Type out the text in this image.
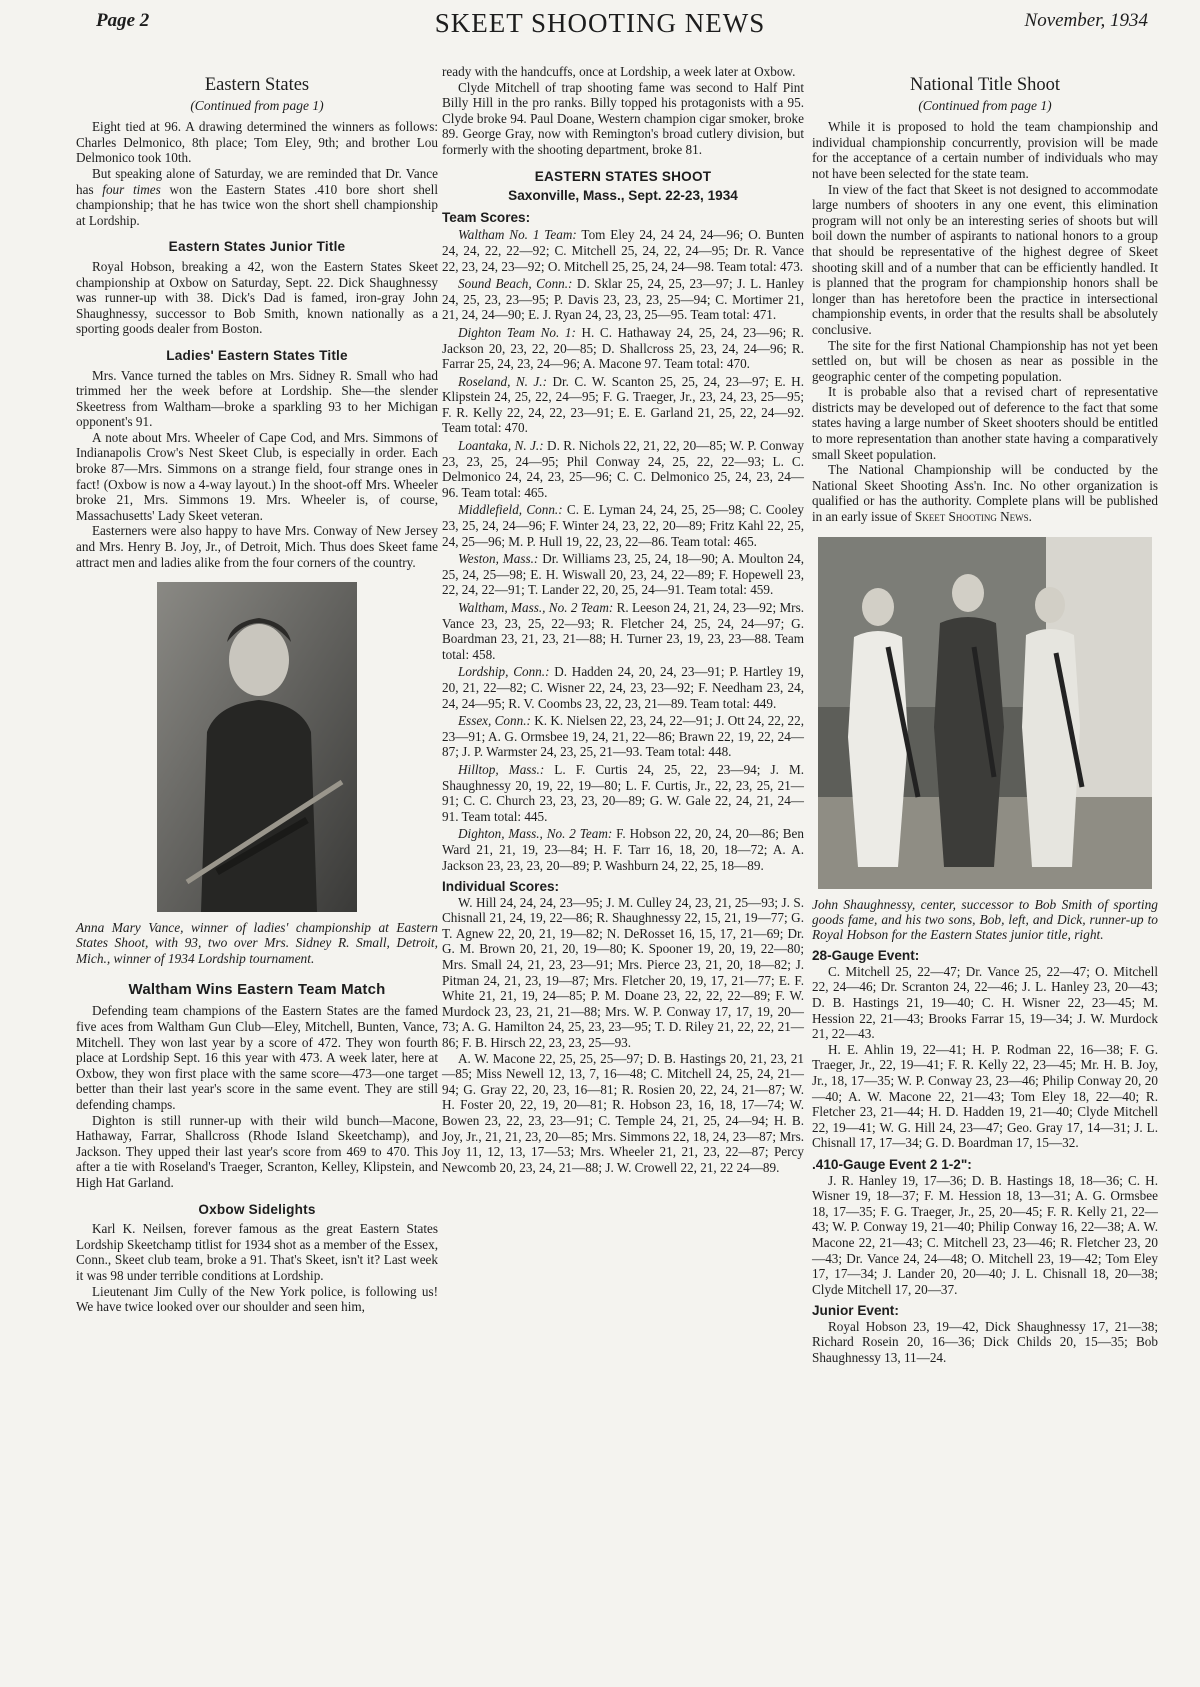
Page 2	SKEET SHOOTING NEWS	November, 1934
Eastern States
(Continued from page 1)

Eight tied at 96. A drawing determined the winners as follows: Charles Delmonico, 8th place; Tom Eley, 9th; and brother Lou Delmonico took 10th.

But speaking alone of Saturday, we are reminded that Dr. Vance has four times won the Eastern States .410 bore short shell championship; that he has twice won the short shell championship at Lordship.

Eastern States Junior Title

Royal Hobson, breaking a 42, won the Eastern States Skeet championship at Oxbow on Saturday, Sept. 22. Dick Shaughnessy was runner-up with 38. Dick's Dad is famed, iron-gray John Shaughnessy, successor to Bob Smith, known nationally as a sporting goods dealer from Boston.

Ladies' Eastern States Title

Mrs. Vance turned the tables on Mrs. Sidney R. Small who had trimmed her the week before at Lordship. She—the slender Skeetress from Waltham—broke a sparkling 93 to her Michigan opponent's 91.

A note about Mrs. Wheeler of Cape Cod, and Mrs. Simmons of Indianapolis Crow's Nest Skeet Club, is especially in order. Each broke 87—Mrs. Simmons on a strange field, four strange ones in fact! (Oxbow is now a 4-way layout.) In the shoot-off Mrs. Wheeler broke 21, Mrs. Simmons 19. Mrs. Wheeler is, of course, Massachusetts' Lady Skeet veteran.

Easterners were also happy to have Mrs. Conway of New Jersey and Mrs. Henry B. Joy, Jr., of Detroit, Mich. Thus does Skeet fame attract men and ladies alike from the four corners of the country.

Anna Mary Vance, winner of ladies' championship at Eastern States Shoot, with 93, two over Mrs. Sidney R. Small, Detroit, Mich., winner of 1934 Lordship tournament.

Waltham Wins Eastern Team Match

Defending team champions of the Eastern States are the famed five aces from Waltham Gun Club—Eley, Mitchell, Bunten, Vance, Mitchell. They won last year by a score of 472. They won fourth place at Lordship Sept. 16 this year with 473. A week later, here at Oxbow, they won first place with the same score—473—one target better than their last year's score in the same event. They are still defending champs.

Dighton is still runner-up with their wild bunch—Macone, Hathaway, Farrar, Shallcross (Rhode Island Skeetchamp), and Jackson. They upped their last year's score from 469 to 470. This after a tie with Roseland's Traeger, Scranton, Kelley, Klipstein, and High Hat Garland.

Oxbow Sidelights

Karl K. Neilsen, forever famous as the great Eastern States Lordship Skeetchamp titlist for 1934 shot as a member of the Essex, Conn., Skeet club team, broke a 91. That's Skeet, isn't it? Last week it was 98 under terrible conditions at Lordship.

Lieutenant Jim Cully of the New York police, is following us! We have twice looked over our shoulder and seen him,

ready with the handcuffs, once at Lordship, a week later at Oxbow.

Clyde Mitchell of trap shooting fame was second to Half Pint Billy Hill in the pro ranks. Billy topped his protagonists with a 95. Clyde broke 94. Paul Doane, Western champion cigar smoker, broke 89. George Gray, now with Remington's broad cutlery division, but formerly with the shooting department, broke 81.

EASTERN STATES SHOOT
Saxonville, Mass., Sept. 22-23, 1934
Team Scores:

Waltham No. 1 Team: Tom Eley 24, 24 24, 24—96; O. Bunten 24, 24, 22, 22—92; C. Mitchell 25, 24, 22, 24—95; Dr. R. Vance 22, 23, 24, 23—92; O. Mitchell 25, 25, 24, 24—98. Team total: 473.

Sound Beach, Conn.: D. Sklar 25, 24, 25, 23—97; J. L. Hanley 24, 25, 23, 23—95; P. Davis 23, 23, 23, 25—94; C. Mortimer 21, 21, 24, 24—90; E. J. Ryan 24, 23, 23, 25—95. Team total: 471.

Dighton Team No. 1: H. C. Hathaway 24, 25, 24, 23—96; R. Jackson 20, 23, 22, 20—85; D. Shallcross 25, 23, 24, 24—96; R. Farrar 25, 24, 23, 24—96; A. Macone 97. Team total: 470.

Roseland, N. J.: Dr. C. W. Scanton 25, 25, 24, 23—97; E. H. Klipstein 24, 25, 22, 24—95; F. G. Traeger, Jr., 23, 24, 23, 25—95; F. R. Kelly 22, 24, 22, 23—91; E. E. Garland 21, 25, 22, 24—92. Team total: 470.

Loantaka, N. J.: D. R. Nichols 22, 21, 22, 20—85; W. P. Conway 23, 23, 25, 24—95; Phil Conway 24, 25, 22, 22—93; L. C. Delmonico 24, 24, 23, 25—96; C. C. Delmonico 25, 24, 23, 24—96. Team total: 465.

Middlefield, Conn.: C. E. Lyman 24, 24, 25, 25—98; C. Cooley 23, 25, 24, 24—96; F. Winter 24, 23, 22, 20—89; Fritz Kahl 22, 25, 24, 25—96; M. P. Hull 19, 22, 23, 22—86. Team total: 465.

Weston, Mass.: Dr. Williams 23, 25, 24, 18—90; A. Moulton 24, 25, 24, 25—98; E. H. Wiswall 20, 23, 24, 22—89; F. Hopewell 23, 22, 24, 22—91; T. Lander 22, 20, 25, 24—91. Team total: 459.

Waltham, Mass., No. 2 Team: R. Leeson 24, 21, 24, 23—92; Mrs. Vance 23, 23, 25, 22—93; R. Fletcher 24, 25, 24, 24—97; G. Boardman 23, 21, 23, 21—88; H. Turner 23, 19, 23, 23—88. Team total: 458.

Lordship, Conn.: D. Hadden 24, 20, 24, 23—91; P. Hartley 19, 20, 21, 22—82; C. Wisner 22, 24, 23, 23—92; F. Needham 23, 24, 24, 24—95; R. V. Coombs 23, 22, 23, 21—89. Team total: 449.

Essex, Conn.: K. K. Nielsen 22, 23, 24, 22—91; J. Ott 24, 22, 22, 23—91; A. G. Ormsbee 19, 24, 21, 22—86; Brawn 22, 19, 22, 24—87; J. P. Warmster 24, 23, 25, 21—93. Team total: 448.

Hilltop, Mass.: L. F. Curtis 24, 25, 22, 23—94; J. M. Shaughnessy 20, 19, 22, 19—80; L. F. Curtis, Jr., 22, 23, 25, 21—91; C. C. Church 23, 23, 23, 20—89; G. W. Gale 22, 24, 21, 24—91. Team total: 445.

Dighton, Mass., No. 2 Team: F. Hobson 22, 20, 24, 20—86; Ben Ward 21, 21, 19, 23—84; H. F. Tarr 16, 18, 20, 18—72; A. A. Jackson 23, 23, 23, 20—89; P. Washburn 24, 22, 25, 18—89.

Individual Scores:

W. Hill 24, 24, 24, 23—95; J. M. Culley 24, 23, 21, 25—93; J. S. Chisnall 21, 24, 19, 22—86; R. Shaughnessy 22, 15, 21, 19—77; G. T. Agnew 22, 20, 21, 19—82; N. DeRosset 16, 15, 17, 21—69; Dr. G. M. Brown 20, 21, 20, 19—80; K. Spooner 19, 20, 19, 22—80; Mrs. Small 24, 21, 23, 23—91; Mrs. Pierce 23, 21, 20, 18—82; J. Pitman 24, 21, 23, 19—87; Mrs. Fletcher 20, 19, 17, 21—77; E. F. White 21, 21, 19, 24—85; P. M. Doane 23, 22, 22, 22—89; F. W. Murdock 23, 23, 21, 21—88; Mrs. W. P. Conway 17, 17, 19, 20—73; A. G. Hamilton 24, 25, 23, 23—95; T. D. Riley 21, 22, 22, 21—86; F. B. Hirsch 22, 23, 23, 25—93.

A. W. Macone 22, 25, 25, 25—97; D. B. Hastings 20, 21, 23, 21—85; Miss Newell 12, 13, 7, 16—48; C. Mitchell 24, 25, 24, 21—94; G. Gray 22, 20, 23, 16—81; R. Rosien 20, 22, 24, 21—87; W. H. Foster 20, 22, 19, 20—81; R. Hobson 23, 16, 18, 17—74; W. Bowen 23, 22, 23, 23—91; C. Temple 24, 21, 25, 24—94; H. B. Joy, Jr., 21, 21, 23, 20—85; Mrs. Simmons 22, 18, 24, 23—87; Mrs. Joy 11, 12, 13, 17—53; Mrs. Wheeler 21, 21, 23, 22—87; Percy Newcomb 20, 23, 24, 21—88; J. W. Crowell 22, 21, 22 24—89.

National Title Shoot
(Continued from page 1)

While it is proposed to hold the team championship and individual championship concurrently, provision will be made for the acceptance of a certain number of individuals who may not have been selected for the state team.

In view of the fact that Skeet is not designed to accommodate large numbers of shooters in any one event, this elimination program will not only be an interesting series of shoots but will boil down the number of aspirants to national honors to a group that should be representative of the highest degree of Skeet shooting skill and of a number that can be efficiently handled. It is planned that the program for championship honors shall be longer than has heretofore been the practice in intersectional championship events, in order that the results shall be absolutely conclusive.

The site for the first National Championship has not yet been settled on, but will be chosen as near as possible in the geographic center of the competing population.

It is probable also that a revised chart of representative districts may be developed out of deference to the fact that some states having a large number of Skeet shooters should be entitled to more representation than another state having a comparatively small Skeet population.

The National Championship will be conducted by the National Skeet Shooting Ass'n. Inc. No other organization is qualified or has the authority. Complete plans will be published in an early issue of Skeet Shooting News.

John Shaughnessy, center, successor to Bob Smith of sporting goods fame, and his two sons, Bob, left, and Dick, runner-up to Royal Hobson for the Eastern States junior title, right.

28-Gauge Event:

C. Mitchell 25, 22—47; Dr. Vance 25, 22—47; O. Mitchell 22, 24—46; Dr. Scranton 24, 22—46; J. L. Hanley 23, 20—43; D. B. Hastings 21, 19—40; C. H. Wisner 22, 23—45; M. Hession 22, 21—43; Brooks Farrar 15, 19—34; J. W. Murdock 21, 22—43.

H. E. Ahlin 19, 22—41; H. P. Rodman 22, 16—38; F. G. Traeger, Jr., 22, 19—41; F. R. Kelly 22, 23—45; Mr. H. B. Joy, Jr., 18, 17—35; W. P. Conway 23, 23—46; Philip Conway 20, 20—40; A. W. Macone 22, 21—43; Tom Eley 18, 22—40; R. Fletcher 23, 21—44; H. D. Hadden 19, 21—40; Clyde Mitchell 22, 19—41; W. G. Hill 24, 23—47; Geo. Gray 17, 14—31; J. L. Chisnall 17, 17—34; G. D. Boardman 17, 15—32.

.410-Gauge Event 2 1-2":

J. R. Hanley 19, 17—36; D. B. Hastings 18, 18—36; C. H. Wisner 19, 18—37; F. M. Hession 18, 13—31; A. G. Ormsbee 18, 17—35; F. G. Traeger, Jr., 25, 20—45; F. R. Kelly 21, 22—43; W. P. Conway 19, 21—40; Philip Conway 16, 22—38; A. W. Macone 22, 21—43; C. Mitchell 23, 23—46; R. Fletcher 23, 20—43; Dr. Vance 24, 24—48; O. Mitchell 23, 19—42; Tom Eley 17, 17—34; J. Lander 20, 20—40; J. L. Chisnall 18, 20—38; Clyde Mitchell 17, 20—37.

Junior Event:

Royal Hobson 23, 19—42, Dick Shaughnessy 17, 21—38; Richard Rosein 20, 16—36; Dick Childs 20, 15—35; Bob Shaughnessy 13, 11—24.
